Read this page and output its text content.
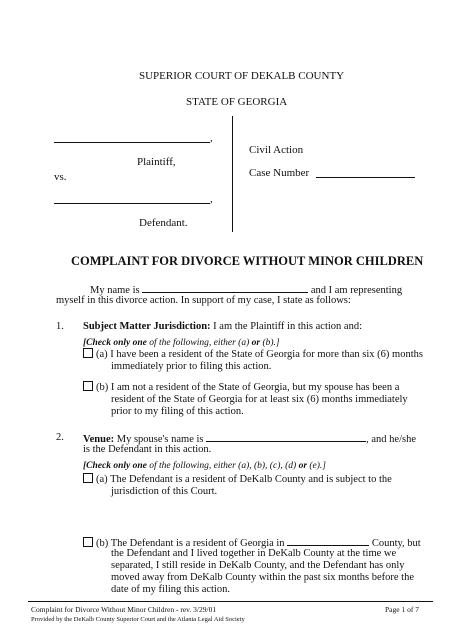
SUPERIOR COURT OF DEKALB COUNTY
STATE OF GEORGIA
,
Plaintiff,
vs.
,
Defendant.
Civil Action
Case Number
COMPLAINT FOR DIVORCE WITHOUT MINOR CHILDREN
My name is	and I am representing
myself in this divorce action. In support of my case, I state as follows:
1. Subject Matter Jurisdiction: I am the Plaintiff in this action and:
[Check only one of the following, either (a) or (b).]
(a) I have been a resident of the State of Georgia for more than six (6) months
immediately prior to filing this action.
(b) I am not a resident of the State of Georgia, but my spouse has been a
resident of the State of Georgia for at least six (6) months immediately
prior to my filing of this action.
2. Venue: My spouse's name is	, and he/she
is the Defendant in this action.
[Check only one of the following, either (a), (b), (c), (d) or (e).]
(a) The Defendant is a resident of DeKalb County and is subject to the
jurisdiction of this Court.
(b) The Defendant is a resident of Georgia in	County, but
the Defendant and I lived together in DeKalb County at the time we
separated, I still reside in DeKalb County, and the Defendant has only
moved away from DeKalb County within the past six months before the
date of my filing this action.
Complaint for Divorce Without Minor Children - rev. 3/29/01
Provided by the DeKalb County Superior Court and the Atlanta Legal Aid Society
Page 1 of 7
